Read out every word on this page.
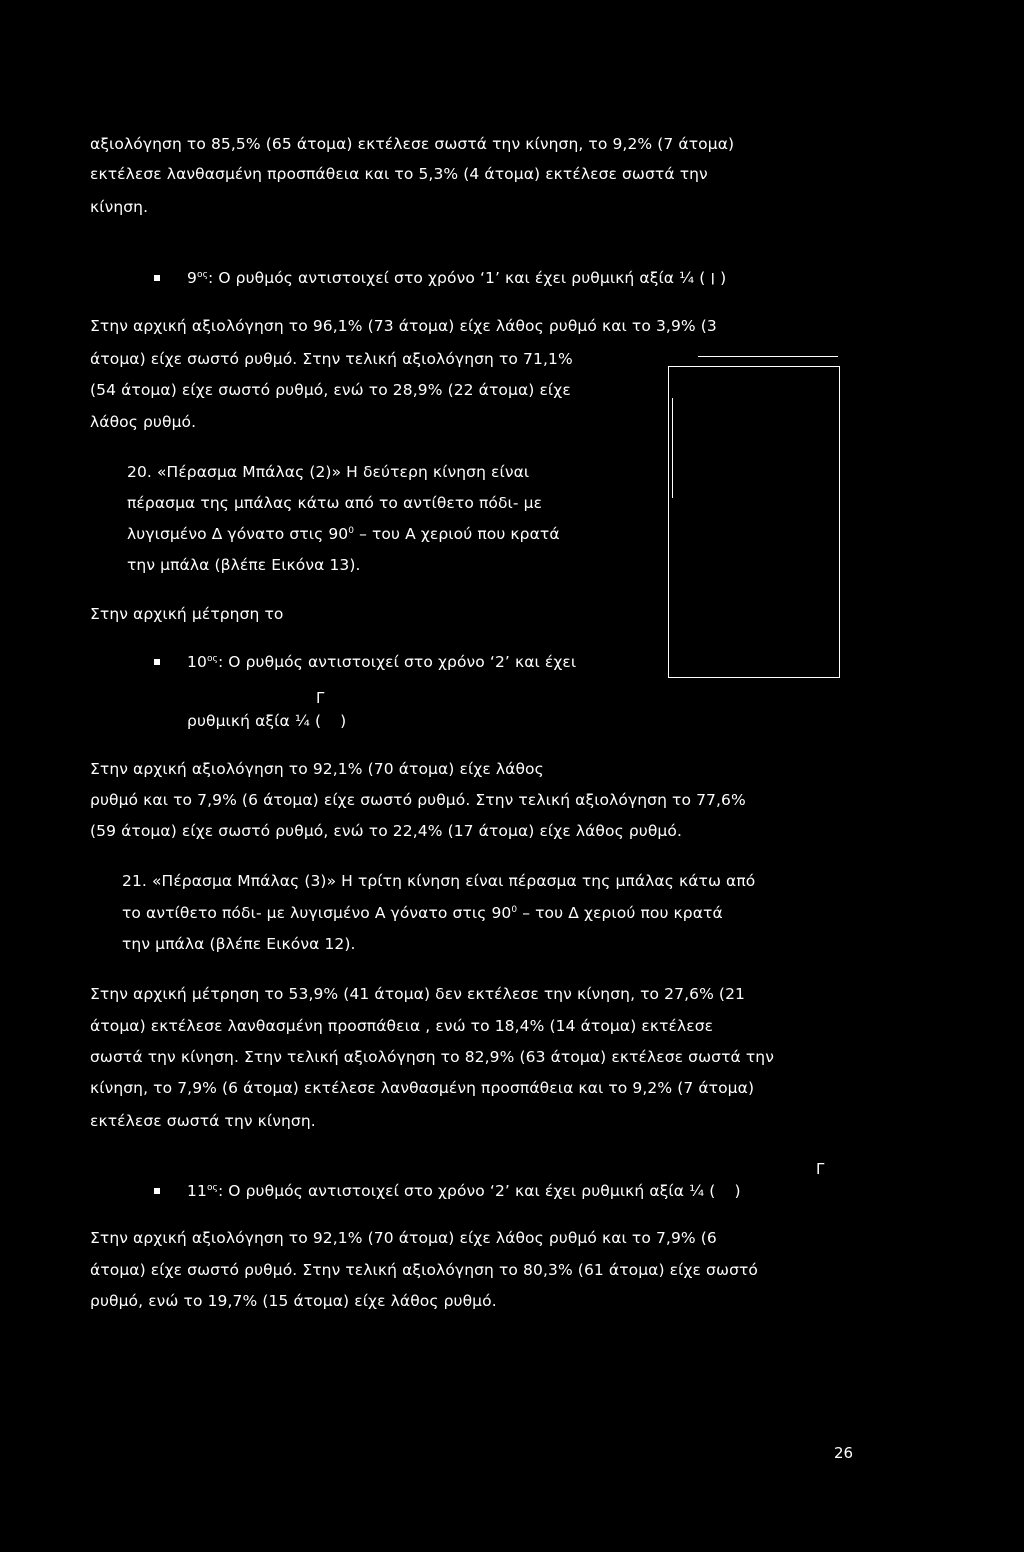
αξιολόγηση το 85,5% (65 άτομα) εκτέλεσε σωστά την κίνηση, το 9,2% (7 άτομα)
εκτέλεσε λανθασμένη προσπάθεια και το 5,3% (4 άτομα) εκτέλεσε σωστά την
κίνηση.
$9^{o\varsigma}$: Ο ρυθμός αντιστοιχεί στο χρόνο ‘1’ και έχει ρυθμική αξία ¼ ( ׀ )
Στην αρχική αξιολόγηση το 96,1% (73 άτομα) είχε λάθος ρυθμό και το 3,9% (3
άτομα) είχε σωστό ρυθμό. Στην τελική αξιολόγηση το 71,1%
(54 άτομα) είχε σωστό ρυθμό, ενώ το 28,9% (22 άτομα) είχε
λάθος ρυθμό.
20. «Πέρασμα Μπάλας (2)» Η δεύτερη κίνηση είναι
πέρασμα της μπάλας κάτω από το αντίθετο πόδι- με
λυγισμένο Δ γόνατο στις $90^0$ – του Α χεριού που κρατά
την μπάλα (βλέπε Εικόνα 13).
Στην αρχική μέτρηση το
$10^{o\varsigma}$: Ο ρυθμός αντιστοιχεί στο χρόνο ‘2’ και έχει
ρυθμική αξία ¼ ( )
Γ
Στην αρχική αξιολόγηση το 92,1% (70 άτομα) είχε λάθος
ρυθμό και το 7,9% (6 άτομα) είχε σωστό ρυθμό. Στην τελική αξιολόγηση το 77,6%
(59 άτομα) είχε σωστό ρυθμό, ενώ το 22,4% (17 άτομα) είχε λάθος ρυθμό.
21. «Πέρασμα Μπάλας (3)» Η τρίτη κίνηση είναι πέρασμα της μπάλας κάτω από
το αντίθετο πόδι- με λυγισμένο Α γόνατο στις $90^0$ – του Δ χεριού που κρατά
την μπάλα (βλέπε Εικόνα 12).
Στην αρχική μέτρηση το 53,9% (41 άτομα) δεν εκτέλεσε την κίνηση, το 27,6% (21
άτομα) εκτέλεσε λανθασμένη προσπάθεια , ενώ το 18,4% (14 άτομα) εκτέλεσε
σωστά την κίνηση. Στην τελική αξιολόγηση το 82,9% (63 άτομα) εκτέλεσε σωστά την
κίνηση, το 7,9% (6 άτομα) εκτέλεσε λανθασμένη προσπάθεια και το 9,2% (7 άτομα)
εκτέλεσε σωστά την κίνηση.
$11^{o\varsigma}$: Ο ρυθμός αντιστοιχεί στο χρόνο ‘2’ και έχει ρυθμική αξία ¼ ( )
Γ
Στην αρχική αξιολόγηση το 92,1% (70 άτομα) είχε λάθος ρυθμό και το 7,9% (6
άτομα) είχε σωστό ρυθμό. Στην τελική αξιολόγηση το 80,3% (61 άτομα) είχε σωστό
ρυθμό, ενώ το 19,7% (15 άτομα) είχε λάθος ρυθμό.
26
